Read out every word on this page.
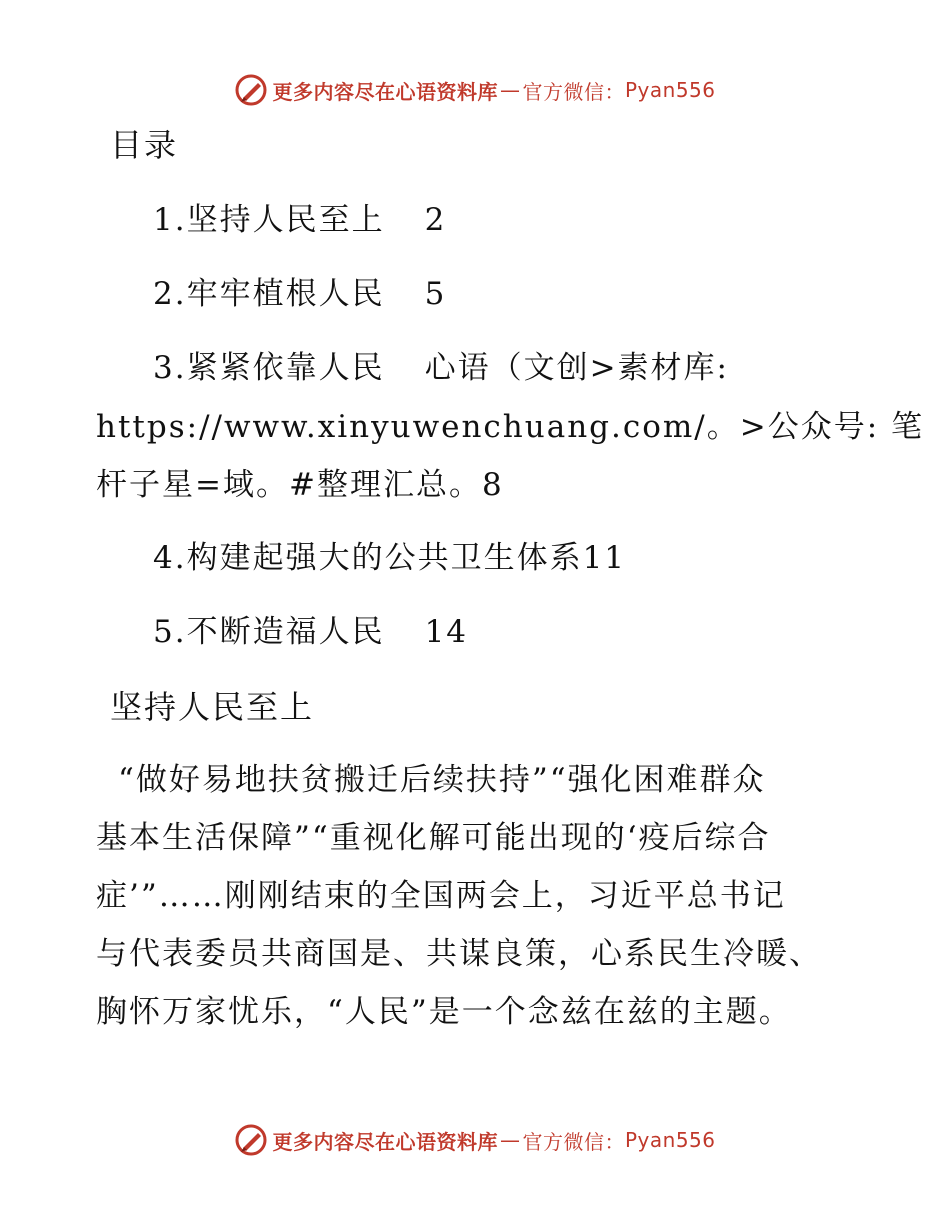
更多内容尽在心语资料库 — 官方微信： Pyan556
目录
1.坚持人民至上 2
2.牢牢植根人民 5
3.紧紧依靠人民 心语（文创>素材库:
https://www.xinyuwenchuang.com/。>公众号: 笔
杆子星=域。#整理汇总。8
4.构建起强大的公共卫生体系11
5.不断造福人民 14
坚持人民至上
“做好易地扶贫搬迁后续扶持”“强化困难群众
基本生活保障”“重视化解可能出现的‘疫后综合
症’”……刚刚结束的全国两会上，习近平总书记
与代表委员共商国是、共谋良策，心系民生冷暖、
胸怀万家忧乐，“人民”是一个念兹在兹的主题。
更多内容尽在心语资料库 — 官方微信： Pyan556
